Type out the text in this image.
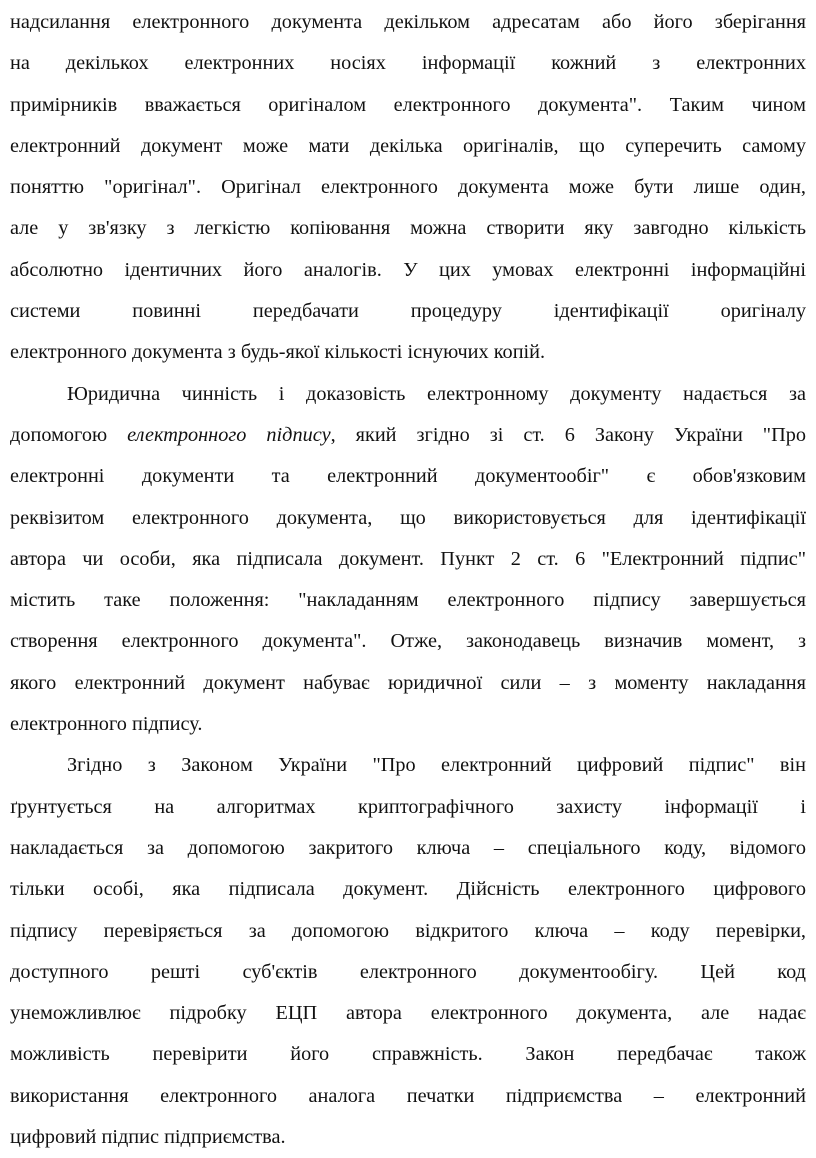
надсилання електронного документа декільком адресатам або його зберігання
на декількох електронних носіях інформації кожний з електронних
примірників вважається оригіналом електронного документа". Таким чином
електронний документ може мати декілька оригіналів, що суперечить самому
поняттю "оригінал". Оригінал електронного документа може бути лише один,
але у зв'язку з легкістю копіювання можна створити яку завгодно кількість
абсолютно ідентичних його аналогів. У цих умовах електронні інформаційні
системи повинні передбачати процедуру ідентифікації оригіналу
електронного документа з будь-якої кількості існуючих копій.

Юридична чинність і доказовість електронному документу надається за
допомогою електронного підпису, який згідно зі ст. 6 Закону України "Про
електронні документи та електронний документообіг" є обов'язковим
реквізитом електронного документа, що використовується для ідентифікації
автора чи особи, яка підписала документ. Пункт 2 ст. 6 "Електронний підпис"
містить таке положення: "накладанням електронного підпису завершується
створення електронного документа". Отже, законодавець визначив момент, з
якого електронний документ набуває юридичної сили – з моменту накладання
електронного підпису.

Згідно з Законом України "Про електронний цифровий підпис" він
ґрунтується на алгоритмах криптографічного захисту інформації і
накладається за допомогою закритого ключа – спеціального коду, відомого
тільки особі, яка підписала документ. Дійсність електронного цифрового
підпису перевіряється за допомогою відкритого ключа – коду перевірки,
доступного решті суб'єктів електронного документообігу. Цей код
унеможливлює підробку ЕЦП автора електронного документа, але надає
можливість перевірити його справжність. Закон передбачає також
використання електронного аналога печатки підприємства – електронний
цифровий підпис підприємства.
